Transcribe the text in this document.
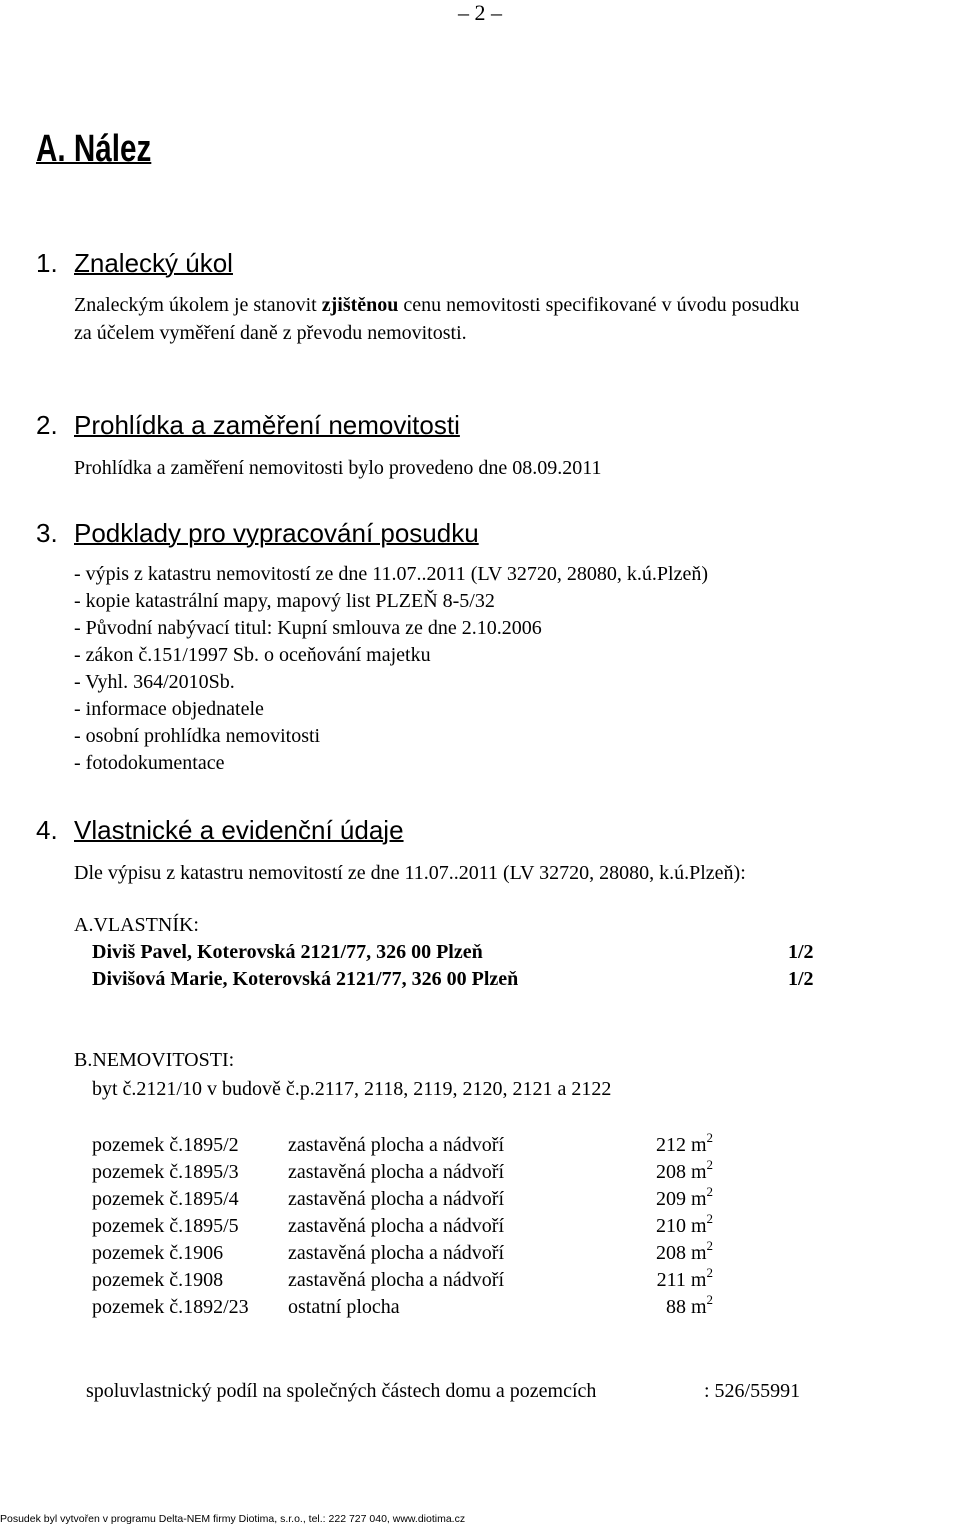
‒ 2 ‒
A. Nález
1. Znalecký úkol
Znaleckým úkolem je stanovit zjištěnou cenu nemovitosti specifikované v úvodu posudku
za účelem vyměření daně z převodu nemovitosti.
2. Prohlídka a zaměření nemovitosti
Prohlídka a zaměření nemovitosti bylo provedeno dne 08.09.2011
3. Podklady pro vypracování posudku
- výpis z katastru nemovitostí ze dne 11.07..2011 (LV 32720, 28080, k.ú.Plzeň)
- kopie katastrální mapy, mapový list PLZEŇ 8-5/32
- Původní nabývací titul: Kupní smlouva ze dne 2.10.2006
- zákon č.151/1997 Sb. o oceňování majetku
- Vyhl. 364/2010Sb.
- informace objednatele
- osobní prohlídka nemovitosti
- fotodokumentace
4. Vlastnické a evidenční údaje
Dle výpisu z katastru nemovitostí ze dne 11.07..2011 (LV 32720, 28080, k.ú.Plzeň):
A.VLASTNÍK:
Diviš Pavel, Koterovská 2121/77, 326 00 Plzeň	1/2
Divišová Marie, Koterovská 2121/77, 326 00 Plzeň	1/2
B.NEMOVITOSTI:
byt č.2121/10 v budově č.p.2117, 2118, 2119, 2120, 2121 a 2122
pozemek č.1895/2 zastavěná plocha a nádvoří	212 $m^2$
pozemek č.1895/3 zastavěná plocha a nádvoří	208 $m^2$
pozemek č.1895/4 zastavěná plocha a nádvoří	209 $m^2$
pozemek č.1895/5 zastavěná plocha a nádvoří	210 $m^2$
pozemek č.1906	zastavěná plocha a nádvoří	208 $m^2$
pozemek č.1908	zastavěná plocha a nádvoří	211 $m^2$
pozemek č.1892/23 ostatní plocha	88 $m^2$
spoluvlastnický podíl na společných částech domu a pozemcích	: 526/55991
Posudek byl vytvořen v programu Delta-NEM firmy Diotima, s.r.o., tel.: 222 727 040, www.diotima.cz
